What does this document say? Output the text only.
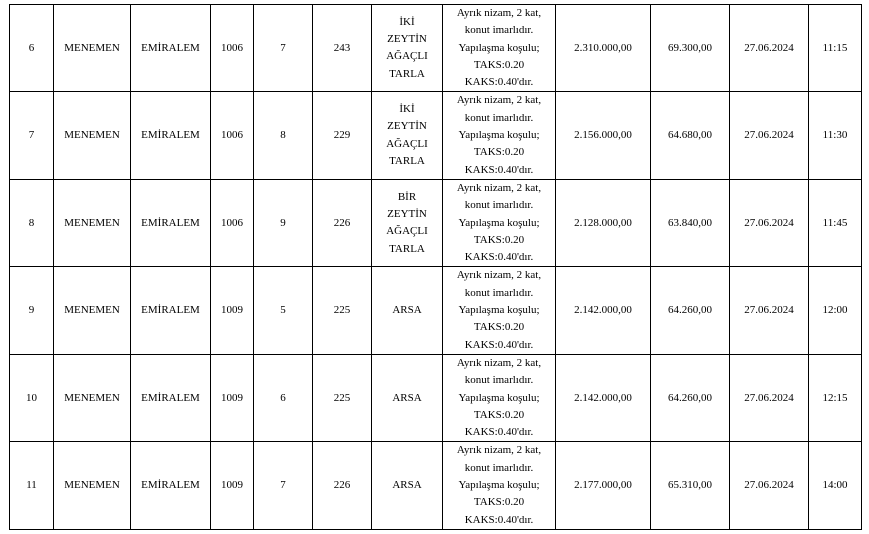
6	MENEMEN	EMİRALEM	1006	7	243	İKİ
ZEYTİN
AĞAÇLI
TARLA	Ayrık nizam, 2 kat,
konut imarlıdır.
Yapılaşma koşulu;
TAKS:0.20
KAKS:0.40'dır.	2.310.000,00	69.300,00	27.06.2024	11:15
7	MENEMEN	EMİRALEM	1006	8	229	İKİ
ZEYTİN
AĞAÇLI
TARLA	Ayrık nizam, 2 kat,
konut imarlıdır.
Yapılaşma koşulu;
TAKS:0.20
KAKS:0.40'dır.	2.156.000,00	64.680,00	27.06.2024	11:30
8	MENEMEN	EMİRALEM	1006	9	226	BİR
ZEYTİN
AĞAÇLI
TARLA	Ayrık nizam, 2 kat,
konut imarlıdır.
Yapılaşma koşulu;
TAKS:0.20
KAKS:0.40'dır.	2.128.000,00	63.840,00	27.06.2024	11:45
9	MENEMEN	EMİRALEM	1009	5	225	ARSA	Ayrık nizam, 2 kat,
konut imarlıdır.
Yapılaşma koşulu;
TAKS:0.20
KAKS:0.40'dır.	2.142.000,00	64.260,00	27.06.2024	12:00
10	MENEMEN	EMİRALEM	1009	6	225	ARSA	Ayrık nizam, 2 kat,
konut imarlıdır.
Yapılaşma koşulu;
TAKS:0.20
KAKS:0.40'dır.	2.142.000,00	64.260,00	27.06.2024	12:15
11	MENEMEN	EMİRALEM	1009	7	226	ARSA	Ayrık nizam, 2 kat,
konut imarlıdır.
Yapılaşma koşulu;
TAKS:0.20
KAKS:0.40'dır.	2.177.000,00	65.310,00	27.06.2024	14:00
